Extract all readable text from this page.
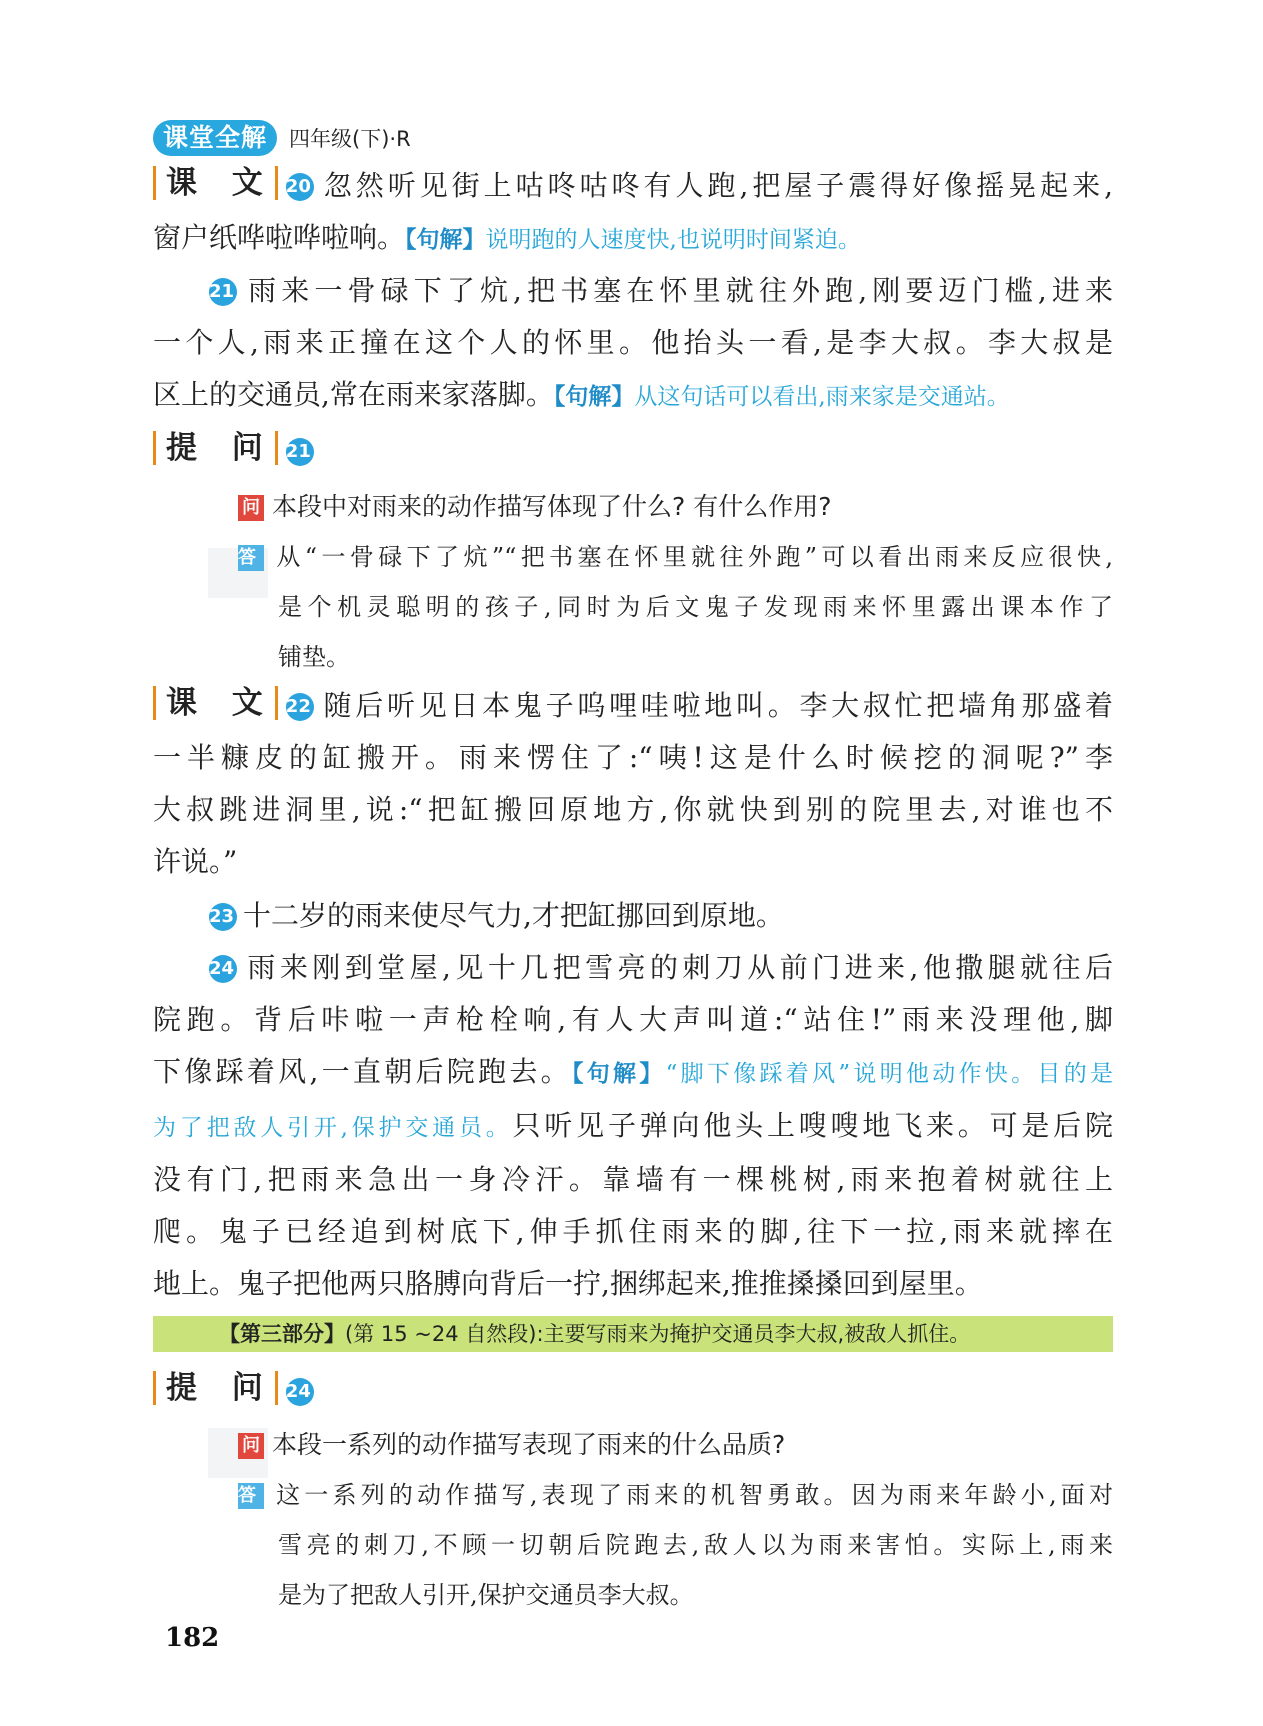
课堂全解	四年级(下)·R
课 文 20 忽然听见街上咕咚咕咚有人跑,把屋子震得好像摇晃起来,
窗户纸哗啦哗啦响。【句解】说明跑的人速度快,也说明时间紧迫。
21 雨来一骨碌下了炕,把书塞在怀里就往外跑,刚要迈门槛,进来
一个人,雨来正撞在这个人的怀里。他抬头一看,是李大叔。李大叔是
区上的交通员,常在雨来家落脚。【句解】从这句话可以看出,雨来家是交通站。
提 问 21
问 本段中对雨来的动作描写体现了什么? 有什么作用?
答 从“一骨碌下了炕”“把书塞在怀里就往外跑”可以看出雨来反应很快,
是个机灵聪明的孩子,同时为后文鬼子发现雨来怀里露出课本作了
铺垫。
课 文 22 随后听见日本鬼子呜哩哇啦地叫。李大叔忙把墙角那盛着
一半糠皮的缸搬开。雨来愣住了:“咦!这是什么时候挖的洞呢?”李
大叔跳进洞里,说:“把缸搬回原地方,你就快到别的院里去,对谁也不
许说。”
23 十二岁的雨来使尽气力,才把缸挪回到原地。
24 雨来刚到堂屋,见十几把雪亮的刺刀从前门进来,他撒腿就往后
院跑。背后咔啦一声枪栓响,有人大声叫道:“站住!”雨来没理他,脚
下像踩着风,一直朝后院跑去。【句解】“脚下像踩着风”说明他动作快。目的是
为了把敌人引开,保护交通员。只听见子弹向他头上嗖嗖地飞来。可是后院
没有门,把雨来急出一身冷汗。靠墙有一棵桃树,雨来抱着树就往上
爬。鬼子已经追到树底下,伸手抓住雨来的脚,往下一拉,雨来就摔在
地上。鬼子把他两只胳膊向背后一拧,捆绑起来,推推搡搡回到屋里。
【第三部分】(第 15 ~24 自然段):主要写雨来为掩护交通员李大叔,被敌人抓住。
提 问 24
问 本段一系列的动作描写表现了雨来的什么品质?
答 这一系列的动作描写,表现了雨来的机智勇敢。因为雨来年龄小,面对
雪亮的刺刀,不顾一切朝后院跑去,敌人以为雨来害怕。实际上,雨来
是为了把敌人引开,保护交通员李大叔。
182
